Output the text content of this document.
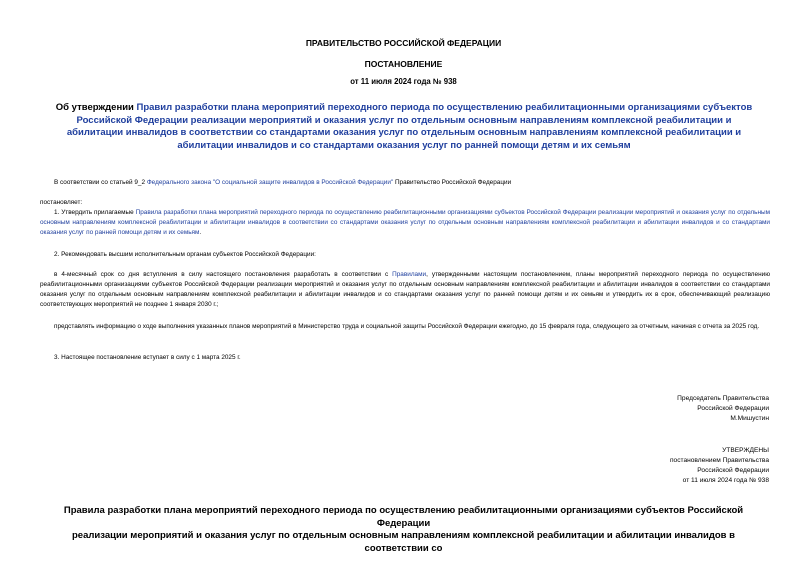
ПРАВИТЕЛЬСТВО РОССИЙСКОЙ ФЕДЕРАЦИИ
ПОСТАНОВЛЕНИЕ
от 11 июля 2024 года № 938
Об утверждении Правил разработки плана мероприятий переходного периода по осуществлению реабилитационными организациями субъектов Российской Федерации реализации мероприятий и оказания услуг по отдельным основным направлениям комплексной реабилитации и абилитации инвалидов в соответствии со стандартами оказания услуг по отдельным основным направлениям комплексной реабилитации и абилитации инвалидов и со стандартами оказания услуг по ранней помощи детям и их семьям
В соответствии со статьей 9_2 Федерального закона "О социальной защите инвалидов в Российской Федерации" Правительство Российской Федерации
постановляет:
1. Утвердить прилагаемые Правила разработки плана мероприятий переходного периода по осуществлению реабилитационными организациями субъектов Российской Федерации реализации мероприятий и оказания услуг по отдельным основным направлениям комплексной реабилитации и абилитации инвалидов в соответствии со стандартами оказания услуг по отдельным основным направлениям комплексной реабилитации и абилитации инвалидов и со стандартами оказания услуг по ранней помощи детям и их семьям.
2. Рекомендовать высшим исполнительным органам субъектов Российской Федерации:
в 4-месячный срок со дня вступления в силу настоящего постановления разработать в соответствии с Правилами, утвержденными настоящим постановлением, планы мероприятий переходного периода по осуществлению реабилитационными организациями субъектов Российской Федерации реализации мероприятий и оказания услуг по отдельным основным направлениям комплексной реабилитации и абилитации инвалидов в соответствии со стандартами оказания услуг по отдельным основным направлениям комплексной реабилитации и абилитации инвалидов и со стандартами оказания услуг по ранней помощи детям и их семьям и утвердить их в срок, обеспечивающий реализацию соответствующих мероприятий не позднее 1 января 2030 г.;
представлять информацию о ходе выполнения указанных планов мероприятий в Министерство труда и социальной защиты Российской Федерации ежегодно, до 15 февраля года, следующего за отчетным, начиная с отчета за 2025 год.
3. Настоящее постановление вступает в силу с 1 марта 2025 г.
Председатель Правительства
Российской Федерации
М.Мишустин
УТВЕРЖДЕНЫ
постановлением Правительства
Российской Федерации
от 11 июля 2024 года № 938
Правила разработки плана мероприятий переходного периода по осуществлению реабилитационными организациями субъектов Российской Федерации
реализации мероприятий и оказания услуг по отдельным основным направлениям комплексной реабилитации и абилитации инвалидов в соответствии со
